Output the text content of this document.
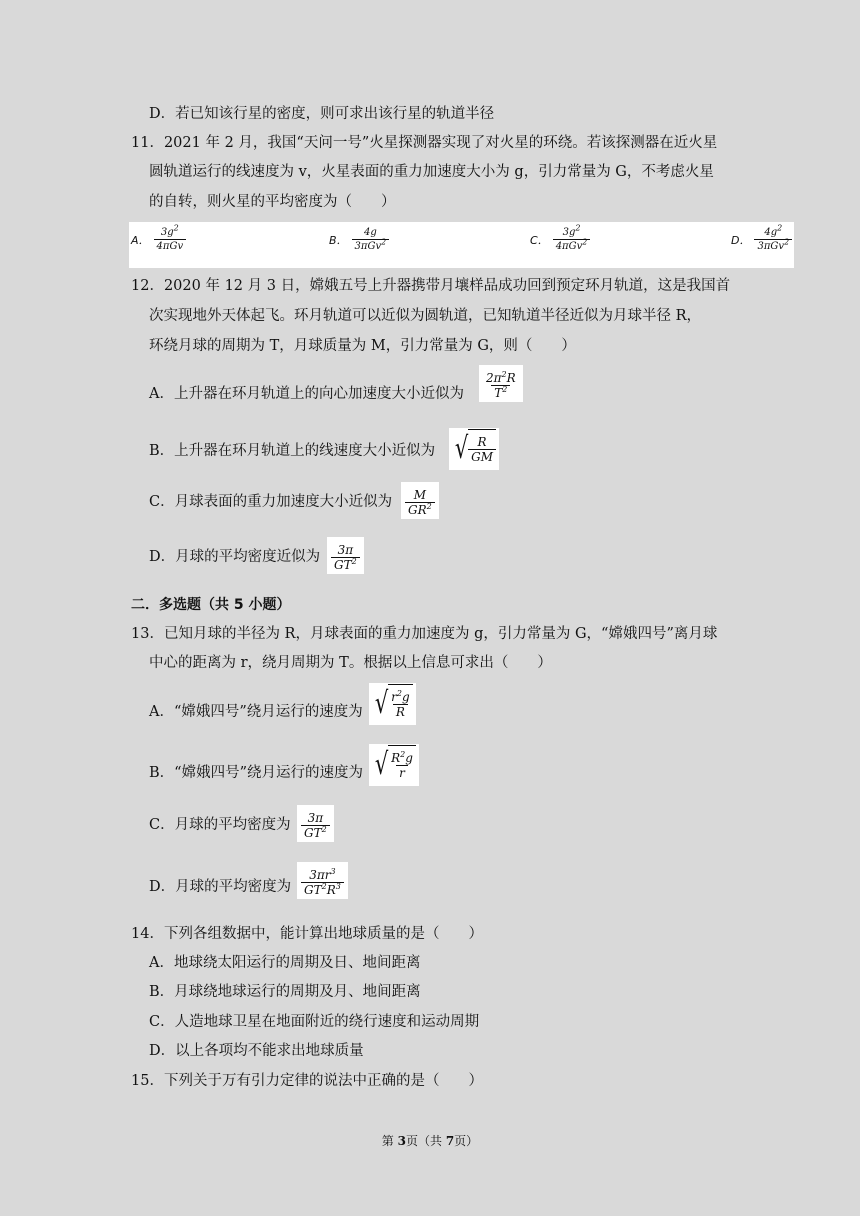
D．若已知该行星的密度，则可求出该行星的轨道半径
11．2021 年 2 月，我国“天问一号”火星探测器实现了对火星的环绕。若该探测器在近火星
圆轨道运行的线速度为 v，火星表面的重力加速度大小为 g，引力常量为 G，不考虑火星
的自转，则火星的平均密度为（　　）
A． $\frac{3g^2}{\text{4πGv}}$	B． $\frac{4g}{3\pi Gv^2}$	C． $\frac{3g^2}{4\pi Gv^2}$	D． $\frac{4g^2}{3\pi Gv^2}$
12．2020 年 12 月 3 日，嫦娥五号上升器携带月壤样品成功回到预定环月轨道，这是我国首
次实现地外天体起飞。环月轨道可以近似为圆轨道，已知轨道半径近似为月球半径 R，
环绕月球的周期为 T，月球质量为 M，引力常量为 G，则（　　）
A．上升器在环月轨道上的向心加速度大小近似为 $\frac{2\pi^2R}{T^2}$
B．上升器在环月轨道上的线速度大小近似为 √ $\frac{R}{GM}$
C．月球表面的重力加速度大小近似为 $\frac{M}{GR^2}$
D．月球的平均密度近似为 $\frac{3\pi}{GT^2}$
二．多选题（共 5 小题）
13．已知月球的半径为 R，月球表面的重力加速度为 g，引力常量为 G，“嫦娥四号”离月球
中心的距离为 r，绕月周期为 T。根据以上信息可求出（　　）
A．“嫦娥四号”绕月运行的速度为 √ $\frac{r^2g}{R}$
B．“嫦娥四号”绕月运行的速度为 √ $\frac{R^2g}{r}$
C．月球的平均密度为 $\frac{3\pi}{GT^2}$
D．月球的平均密度为 $\frac{3\pi r^3}{GT^2R^3}$
14．下列各组数据中，能计算出地球质量的是（　　）
A．地球绕太阳运行的周期及日、地间距离
B．月球绕地球运行的周期及月、地间距离
C．人造地球卫星在地面附近的绕行速度和运动周期
D．以上各项均不能求出地球质量
15．下列关于万有引力定律的说法中正确的是（　　）
第 3页（共 7页）
